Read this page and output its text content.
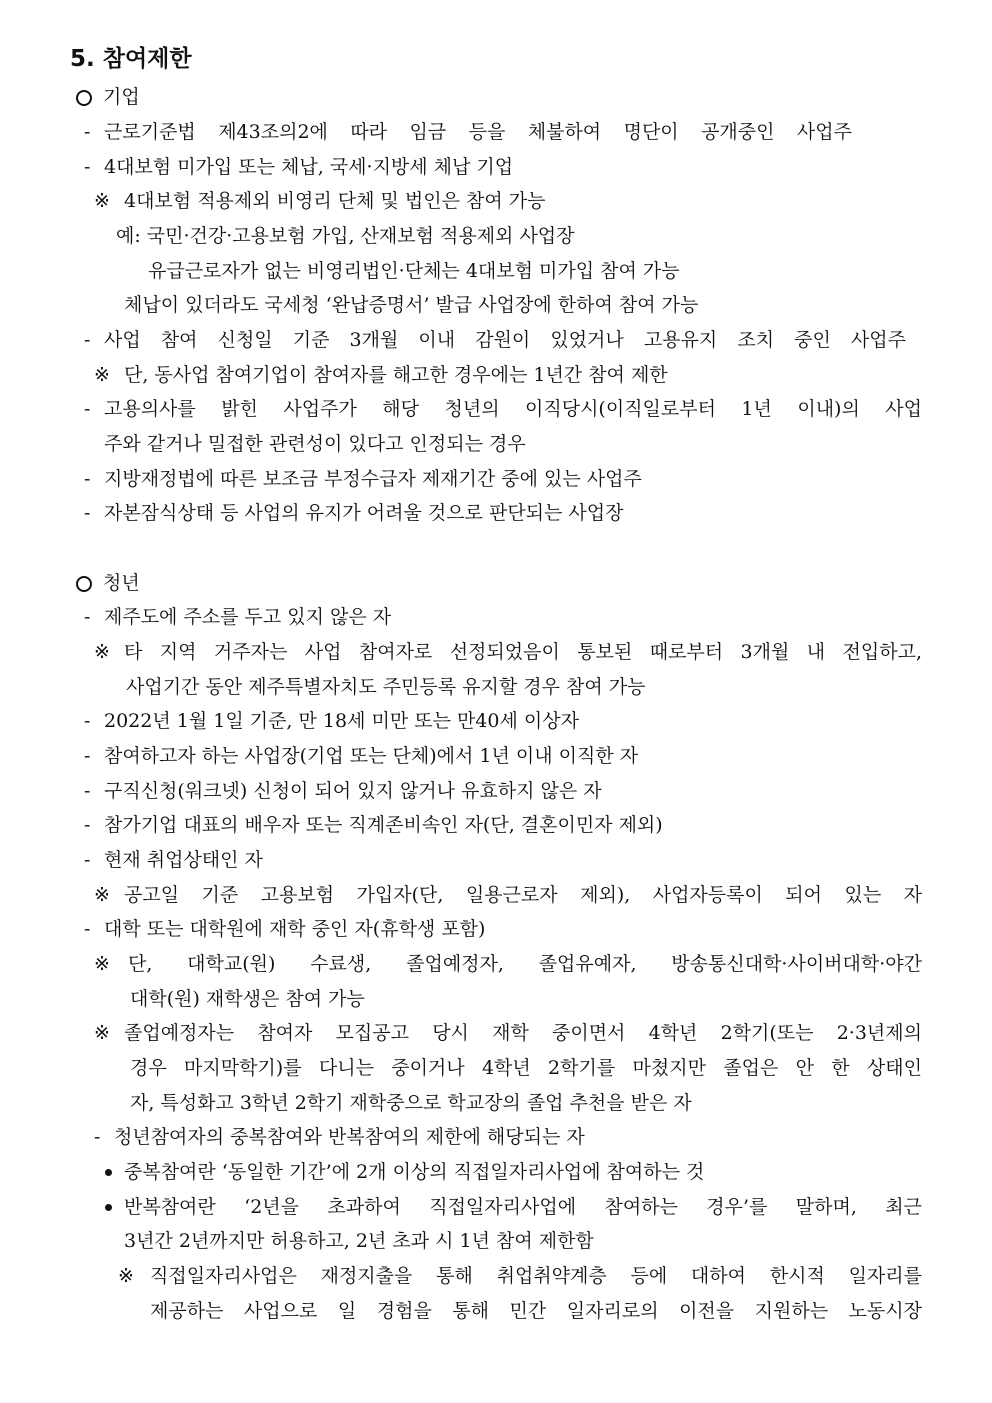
5. 참여제한
기업
- 근로기준법 제43조의2에 따라 임금 등을 체불하여 명단이 공개중인 사업주
- 4대보험 미가입 또는 체납, 국세·지방세 체납 기업
※ 4대보험 적용제외 비영리 단체 및 법인은 참여 가능
예: 국민·건강·고용보험 가입, 산재보험 적용제외 사업장
유급근로자가 없는 비영리법인·단체는 4대보험 미가입 참여 가능
체납이 있더라도 국세청 ‘완납증명서’ 발급 사업장에 한하여 참여 가능
- 사업 참여 신청일 기준 3개월 이내 감원이 있었거나 고용유지 조치 중인 사업주
※ 단, 동사업 참여기업이 참여자를 해고한 경우에는 1년간 참여 제한
- 고용의사를 밝힌 사업주가 해당 청년의 이직당시(이직일로부터 1년 이내)의 사업
주와 같거나 밀접한 관련성이 있다고 인정되는 경우
- 지방재정법에 따른 보조금 부정수급자 제재기간 중에 있는 사업주
- 자본잠식상태 등 사업의 유지가 어려울 것으로 판단되는 사업장
청년
- 제주도에 주소를 두고 있지 않은 자
※ 타 지역 거주자는 사업 참여자로 선정되었음이 통보된 때로부터 3개월 내 전입하고,
사업기간 동안 제주특별자치도 주민등록 유지할 경우 참여 가능
- 2022년 1월 1일 기준, 만 18세 미만 또는 만40세 이상자
- 참여하고자 하는 사업장(기업 또는 단체)에서 1년 이내 이직한 자
- 구직신청(워크넷) 신청이 되어 있지 않거나 유효하지 않은 자
- 참가기업 대표의 배우자 또는 직계존비속인 자(단, 결혼이민자 제외)
- 현재 취업상태인 자
※ 공고일 기준 고용보험 가입자(단, 일용근로자 제외), 사업자등록이 되어 있는 자
- 대학 또는 대학원에 재학 중인 자(휴학생 포함)
※ 단, 대학교(원) 수료생, 졸업예정자, 졸업유예자, 방송통신대학·사이버대학·야간
대학(원) 재학생은 참여 가능
※ 졸업예정자는 참여자 모집공고 당시 재학 중이면서 4학년 2학기(또는 2·3년제의
경우 마지막학기)를 다니는 중이거나 4학년 2학기를 마쳤지만 졸업은 안 한 상태인
자, 특성화고 3학년 2학기 재학중으로 학교장의 졸업 추천을 받은 자
- 청년참여자의 중복참여와 반복참여의 제한에 해당되는 자
중복참여란 ‘동일한 기간’에 2개 이상의 직접일자리사업에 참여하는 것
반복참여란 ‘2년을 초과하여 직접일자리사업에 참여하는 경우’를 말하며, 최근
3년간 2년까지만 허용하고, 2년 초과 시 1년 참여 제한함
※ 직접일자리사업은 재정지출을 통해 취업취약계층 등에 대하여 한시적 일자리를
제공하는 사업으로 일 경험을 통해 민간 일자리로의 이전을 지원하는 노동시장
